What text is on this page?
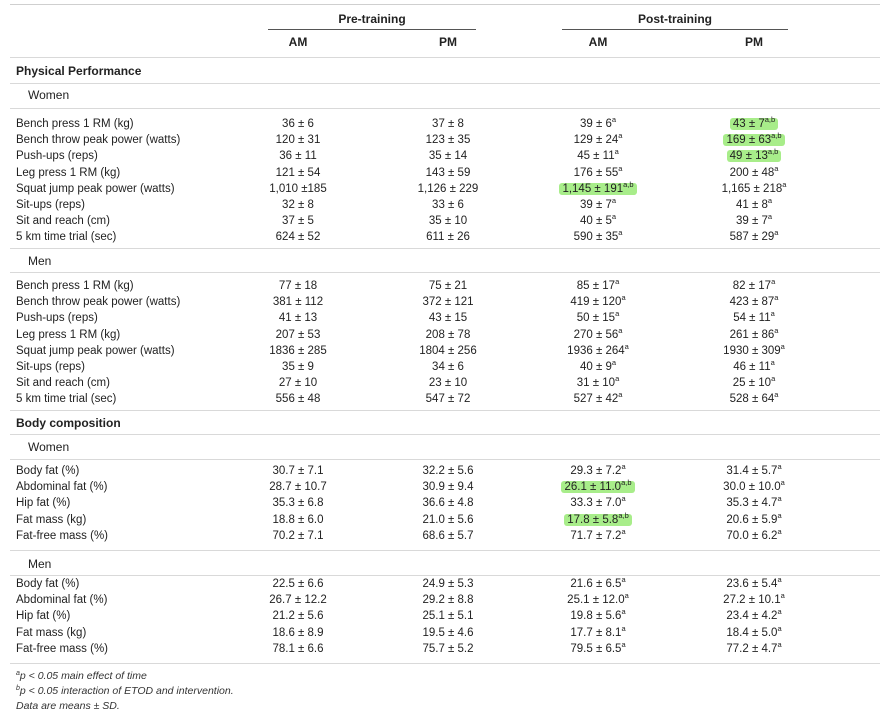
Pre-training	Post-training
AM	PM	AM	PM
Physical Performance
Women
Bench press 1 RM (kg)	36 ± 6	37 ± 8	$39 \pm 6^a$	$43 \pm 7^{a,b}$
Bench throw peak power (watts)	120 ± 31	123 ± 35	$129 \pm 24^a$	$169 \pm 63^{a,b}$
Push-ups (reps)	36 ± 11	35 ± 14	$45 \pm 11^a$	$49 \pm 13^{a,b}$
Leg press 1 RM (kg)	121 ± 54	143 ± 59	$176 \pm 55^a$	$200 \pm 48^a$
Squat jump peak power (watts)	1,010 ±185	1,126 ± 229	$1,145 \pm 191^{a,b}$	$1,165 \pm 218^a$
Sit-ups (reps)	32 ± 8	33 ± 6	$39 \pm 7^a$	$41 \pm 8^a$
Sit and reach (cm)	37 ± 5	35 ± 10	$40 \pm 5^a$	$39 \pm 7^a$
5 km time trial (sec)	624 ± 52	611 ± 26	$590 \pm 35^a$	$587 \pm 29^a$
Men
Bench press 1 RM (kg)	77 ± 18	75 ± 21	$85 \pm 17^a$	$82 \pm 17^a$
Bench throw peak power (watts)	381 ± 112	372 ± 121	$419 \pm 120^a$	$423 \pm 87^a$
Push-ups (reps)	41 ± 13	43 ± 15	$50 \pm 15^a$	$54 \pm 11^a$
Leg press 1 RM (kg)	207 ± 53	208 ± 78	$270 \pm 56^a$	$261 \pm 86^a$
Squat jump peak power (watts)	1836 ± 285	1804 ± 256	$1936 \pm 264^a$	$1930 \pm 309^a$
Sit-ups (reps)	35 ± 9	34 ± 6	$40 \pm 9^a$	$46 \pm 11^a$
Sit and reach (cm)	27 ± 10	23 ± 10	$31 \pm 10^a$	$25 \pm 10^a$
5 km time trial (sec)	556 ± 48	547 ± 72	$527 \pm 42^a$	$528 \pm 64^a$
Body composition
Women
Body fat (%)	30.7 ± 7.1	32.2 ± 5.6	29.3 ± 7.2$^a$	31.4 ± 5.7$^a$
Abdominal fat (%)	28.7 ± 10.7	30.9 ± 9.4	$26.1 \pm 11.0^{a,b}$	30.0 ± 10.0$^a$
Hip fat (%)	35.3 ± 6.8	36.6 ± 4.8	33.3 ± 7.0$^a$	35.3 ± 4.7$^a$
Fat mass (kg)	18.8 ± 6.0	21.0 ± 5.6	$17.8 \pm 5.8^{a,b}$	20.6 ± 5.9$^a$
Fat-free mass (%)	70.2 ± 7.1	68.6 ± 5.7	71.7 ± 7.2$^a$	70.0 ± 6.2$^a$
Men
Body fat (%)	22.5 ± 6.6	24.9 ± 5.3	21.6 ± 6.5$^a$	23.6 ± 5.4$^a$
Abdominal fat (%)	26.7 ± 12.2	29.2 ± 8.8	25.1 ± 12.0$^a$	27.2 ± 10.1$^a$
Hip fat (%)	21.2 ± 5.6	25.1 ± 5.1	19.8 ± 5.6$^a$	23.4 ± 4.2$^a$
Fat mass (kg)	18.6 ± 8.9	19.5 ± 4.6	17.7 ± 8.1$^a$	18.4 ± 5.0$^a$
Fat-free mass (%)	78.1 ± 6.6	75.7 ± 5.2	79.5 ± 6.5$^a$	77.2 ± 4.7$^a$
$^a$p < 0.05 main effect of time
$^b$p < 0.05 interaction of ETOD and intervention.
Data are means ± SD.
